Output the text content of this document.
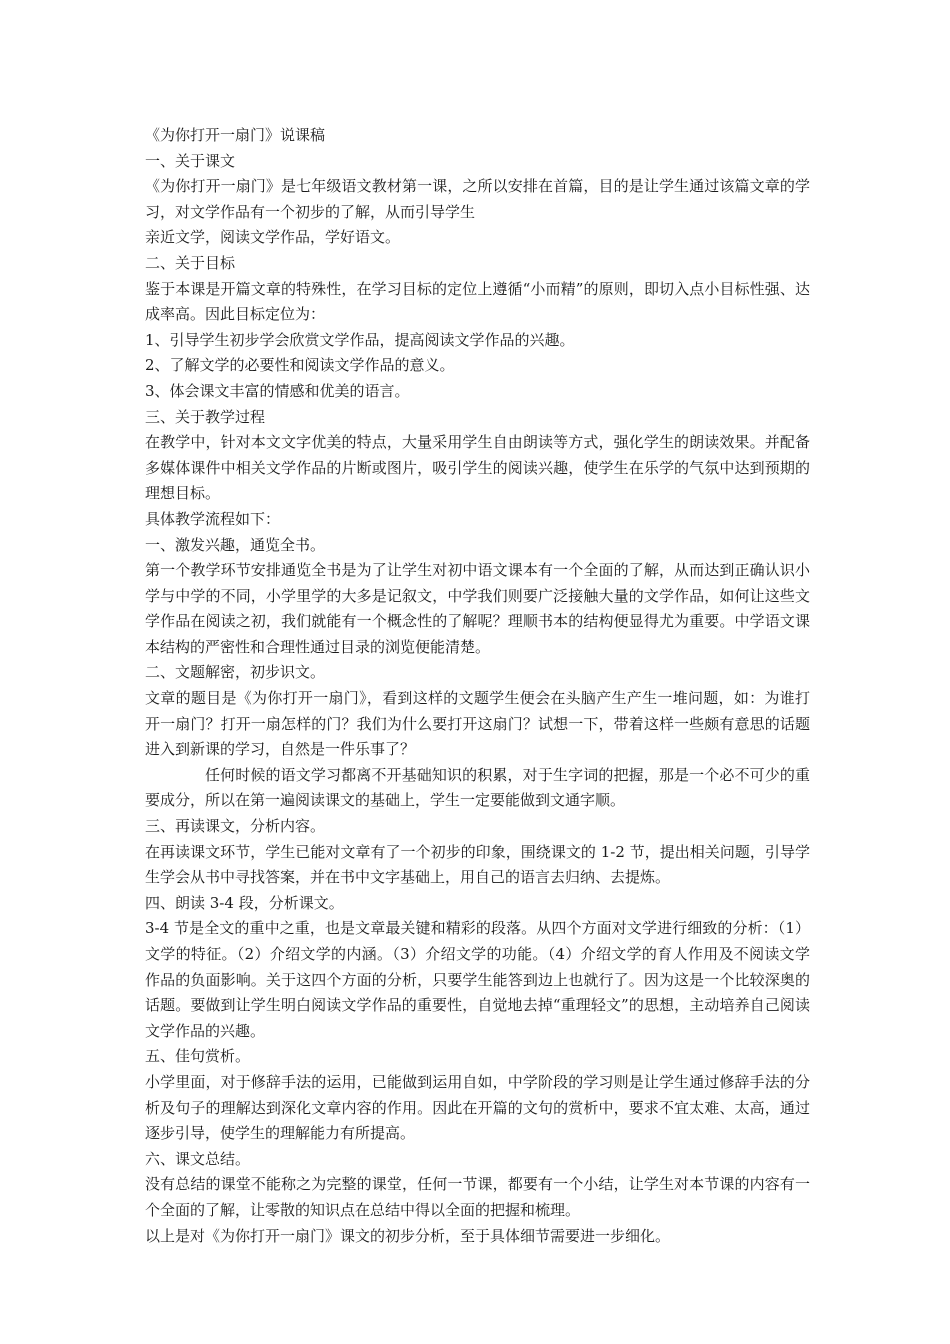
《为你打开一扇门》说课稿

一、关于课文

《为你打开一扇门》是七年级语文教材第一课，之所以安排在首篇，目的是让学生通过该篇文章的学习，对文学作品有一个初步的了解，从而引导学生

亲近文学，阅读文学作品，学好语文。

二、关于目标

鉴于本课是开篇文章的特殊性，在学习目标的定位上遵循“小而精”的原则，即切入点小目标性强、达成率高。因此目标定位为：

1、引导学生初步学会欣赏文学作品，提高阅读文学作品的兴趣。

2、了解文学的必要性和阅读文学作品的意义。

3、体会课文丰富的情感和优美的语言。

三、关于教学过程

在教学中，针对本文文字优美的特点，大量采用学生自由朗读等方式，强化学生的朗读效果。并配备多媒体课件中相关文学作品的片断或图片，吸引学生的阅读兴趣，使学生在乐学的气氛中达到预期的理想目标。

具体教学流程如下：

一、激发兴趣，通览全书。

第一个教学环节安排通览全书是为了让学生对初中语文课本有一个全面的了解，从而达到正确认识小学与中学的不同，小学里学的大多是记叙文，中学我们则要广泛接触大量的文学作品，如何让这些文学作品在阅读之初，我们就能有一个概念性的了解呢？理顺书本的结构便显得尤为重要。中学语文课本结构的严密性和合理性通过目录的浏览便能清楚。

二、文题解密，初步识文。

文章的题目是《为你打开一扇门》，看到这样的文题学生便会在头脑产生产生一堆问题，如：为谁打开一扇门？打开一扇怎样的门？我们为什么要打开这扇门？试想一下，带着这样一些颇有意思的话题进入到新课的学习，自然是一件乐事了？

任何时候的语文学习都离不开基础知识的积累，对于生字词的把握，那是一个必不可少的重要成分，所以在第一遍阅读课文的基础上，学生一定要能做到文通字顺。

三、再读课文，分析内容。

在再读课文环节，学生已能对文章有了一个初步的印象，围绕课文的 1-2 节，提出相关问题，引导学生学会从书中寻找答案，并在书中文字基础上，用自己的语言去归纳、去提炼。

四、朗读 3-4 段，分析课文。

3-4 节是全文的重中之重，也是文章最关键和精彩的段落。从四个方面对文学进行细致的分析：（1）文学的特征。（2）介绍文学的内涵。（3）介绍文学的功能。（4）介绍文学的育人作用及不阅读文学作品的负面影响。关于这四个方面的分析，只要学生能答到边上也就行了。因为这是一个比较深奥的话题。要做到让学生明白阅读文学作品的重要性，自觉地去掉“重理轻文”的思想，主动培养自己阅读文学作品的兴趣。

五、佳句赏析。

小学里面，对于修辞手法的运用，已能做到运用自如，中学阶段的学习则是让学生通过修辞手法的分析及句子的理解达到深化文章内容的作用。因此在开篇的文句的赏析中，要求不宜太难、太高，通过逐步引导，使学生的理解能力有所提高。

六、课文总结。

没有总结的课堂不能称之为完整的课堂，任何一节课，都要有一个小结，让学生对本节课的内容有一个全面的了解，让零散的知识点在总结中得以全面的把握和梳理。

以上是对《为你打开一扇门》课文的初步分析，至于具体细节需要进一步细化。
